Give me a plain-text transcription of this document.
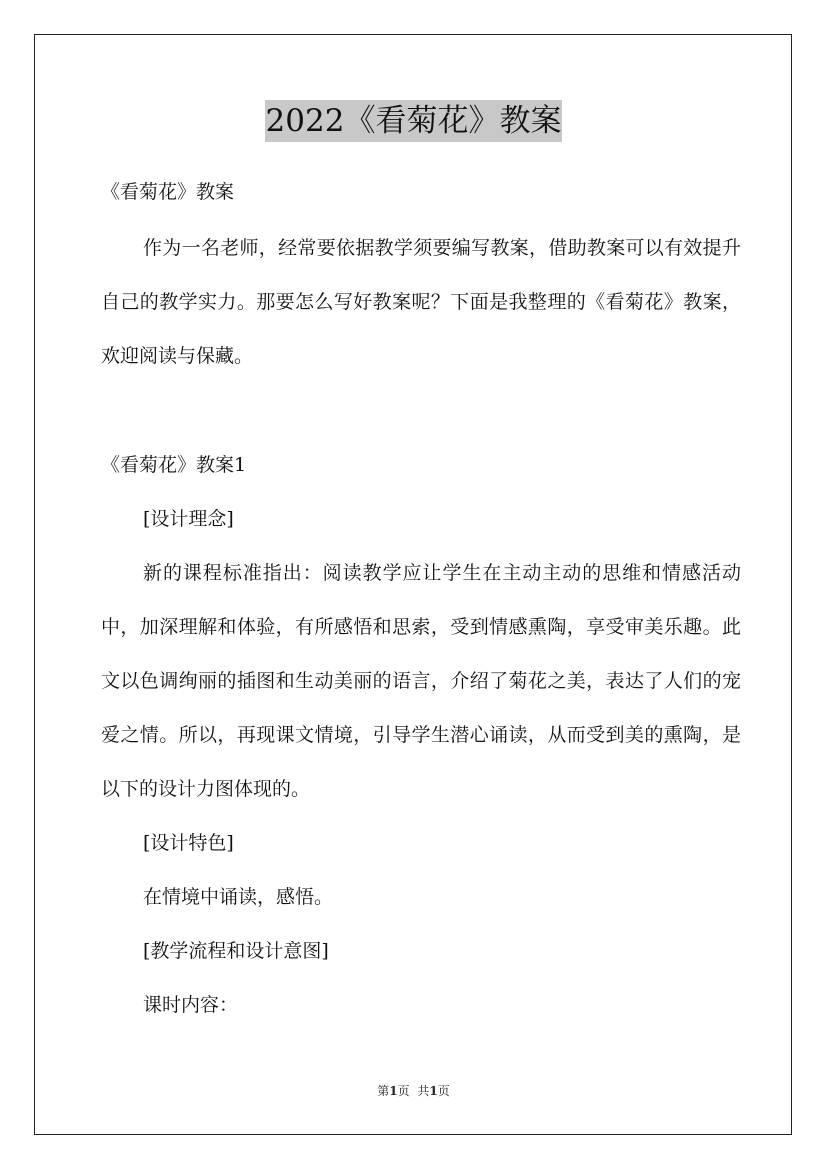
2022《看菊花》教案

《看菊花》教案

作为一名老师，经常要依据教学须要编写教案，借助教案可以有效提升自己的教学实力。那要怎么写好教案呢？下面是我整理的《看菊花》教案，欢迎阅读与保藏。

《看菊花》教案1

[设计理念]

新的课程标准指出：阅读教学应让学生在主动主动的思维和情感活动中，加深理解和体验，有所感悟和思索，受到情感熏陶，享受审美乐趣。此文以色调绚丽的插图和生动美丽的语言，介绍了菊花之美，表达了人们的宠爱之情。所以，再现课文情境，引导学生潜心诵读，从而受到美的熏陶，是以下的设计力图体现的。

[设计特色]

在情境中诵读，感悟。

[教学流程和设计意图]

课时内容：

第1页 共1页
